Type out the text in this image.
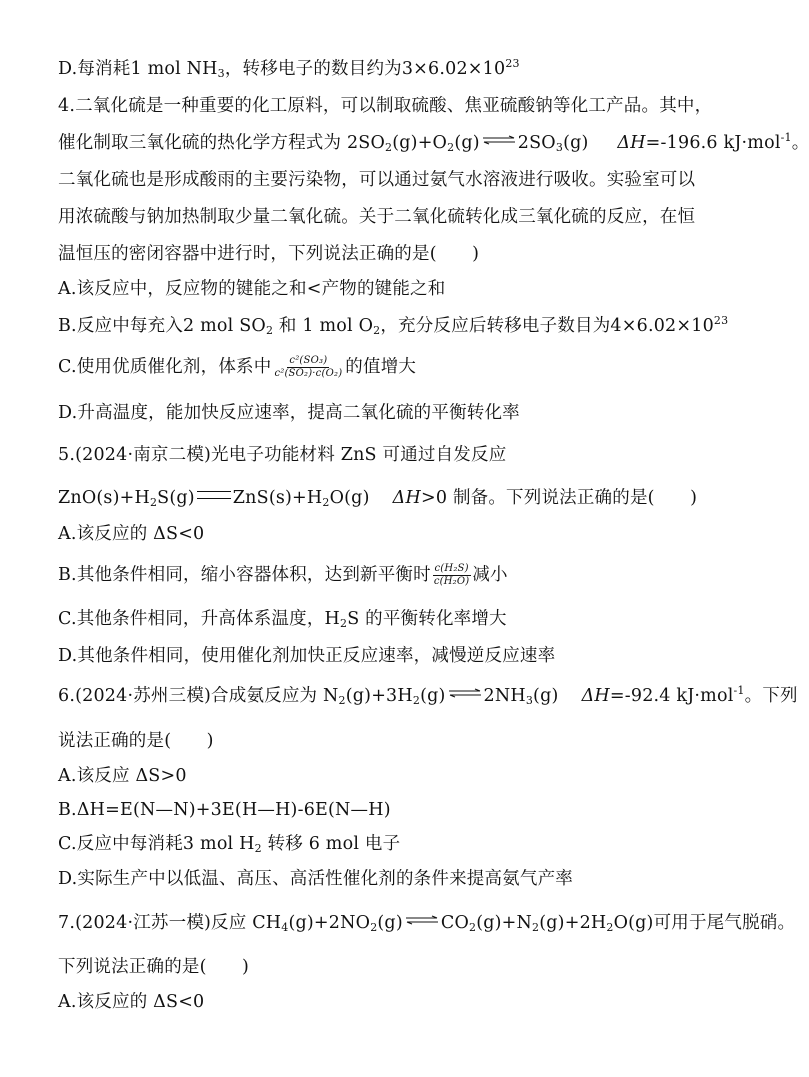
D.每消耗1 mol $NH_3$，转移电子的数目约为$3\times 6.02\times 10^{23}$
4.二氧化硫是一种重要的化工原料，可以制取硫酸、焦亚硫酸钠等化工产品。其中，
催化制取三氧化硫的热化学方程式为 $2SO_2(g)+O_2(g)$ ⇌ $2SO_3(g)$ ΔH=-196.6 kJ·mol$^{-1}$。
二氧化硫也是形成酸雨的主要污染物，可以通过氨气水溶液进行吸收。实验室可以
用浓硫酸与钠加热制取少量二氧化硫。关于二氧化硫转化成三氧化硫的反应，在恒
温恒压的密闭容器中进行时，下列说法正确的是(　　)
A.该反应中，反应物的键能之和<产物的键能之和
B.反应中每充入2 mol $SO_2$ 和 1 mol $O_2$，充分反应后转移电子数目为$4\times 6.02\times 10^{23}$
C.使用优质催化剂，体系中 $\frac{\text{c²(SO₃)}}{\text{c²(SO₂)·c(O₂)}}$ 的值增大
D.升高温度，能加快反应速率，提高二氧化硫的平衡转化率
5.(2024·南京二模)光电子功能材料 ZnS 可通过自发反应
$ZnO(s)+H_2S(g)$ $ZnS(s)+H_2O(g)$ ΔH>0 制备。下列说法正确的是(　　)
A.该反应的 ΔS<0
B.其他条件相同，缩小容器体积，达到新平衡时 $\frac{\text{c(H₂S)}}{\text{c(H₂O)}}$ 减小
C.其他条件相同，升高体系温度，$H_2S$ 的平衡转化率增大
D.其他条件相同，使用催化剂加快正反应速率，减慢逆反应速率
6.(2024·苏州三模)合成氨反应为 $N_2(g)+3H_2(g)$ ⇌ $2NH_3(g)$ ΔH=-92.4 kJ·mol$^{-1}$。下列
说法正确的是(　　)
A.该反应 ΔS>0
B.ΔH=E(N—N)+3E(H—H)-6E(N—H)
C.反应中每消耗3 mol $H_2$ 转移 6 mol 电子
D.实际生产中以低温、高压、高活性催化剂的条件来提高氨气产率
7.(2024·江苏一模)反应 $CH_4(g)+2NO_2(g)$ ⇌ $CO_2(g)+N_2(g)+2H_2O(g)$可用于尾气脱硝。
下列说法正确的是(　　)
A.该反应的 ΔS<0
